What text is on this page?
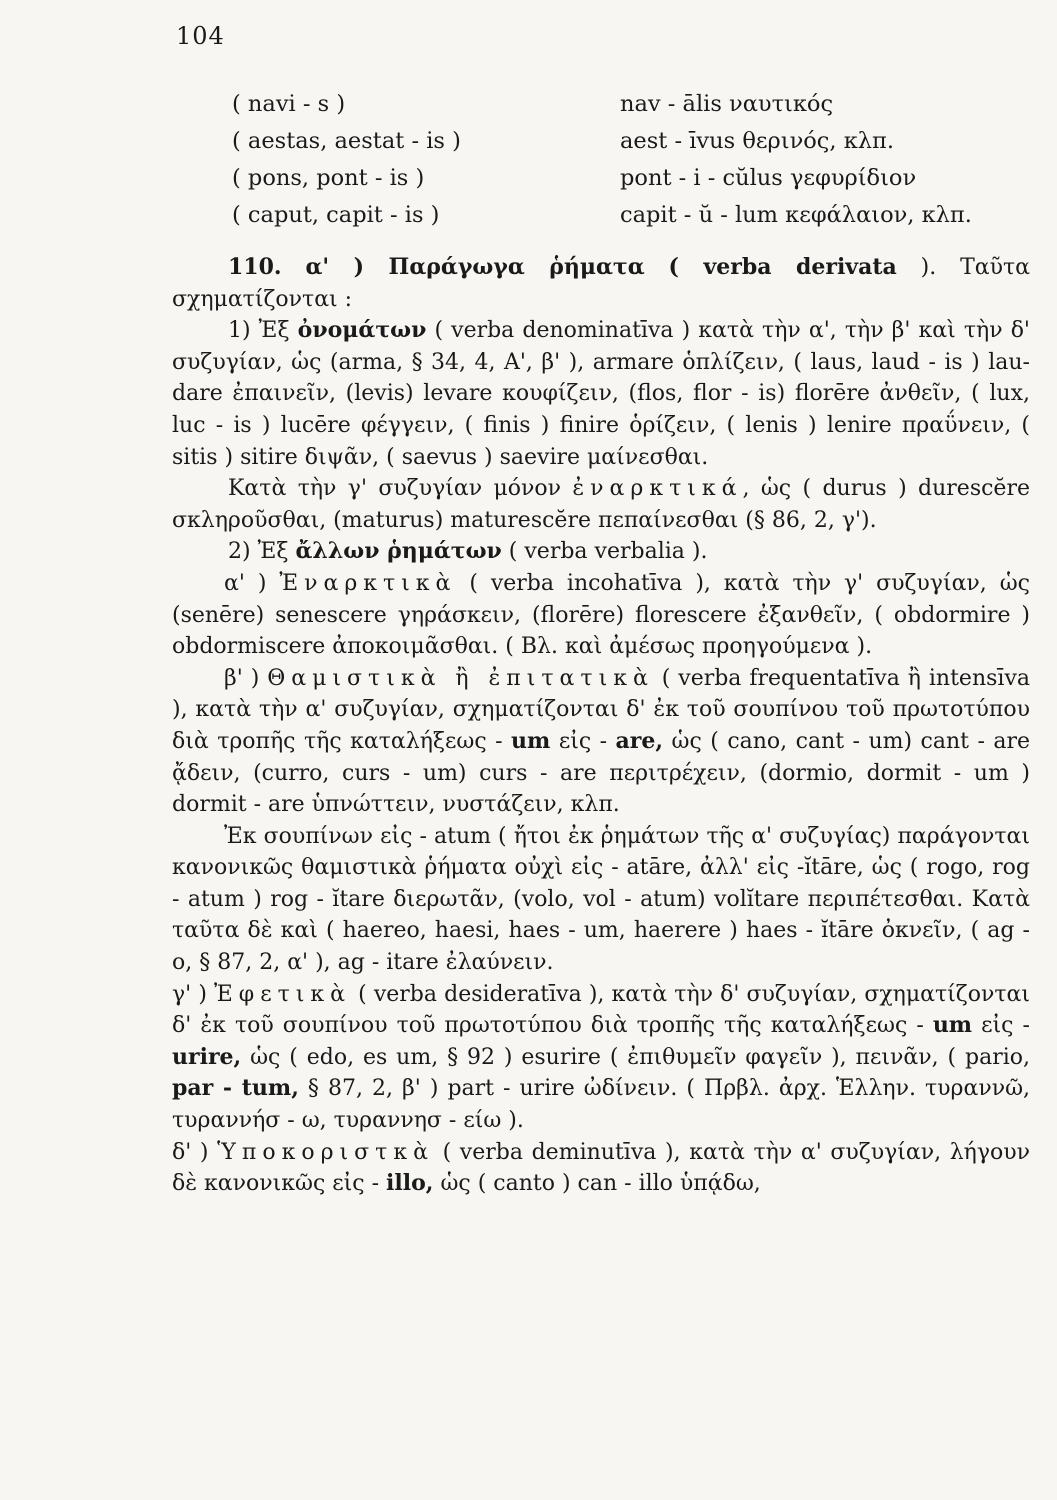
104
( navi - s )	nav - ālis ναυτικός
( aestas, aestat - is )	aest - īvus θερινός, κλπ.
( pons, pont - is )	pont - i - cŭlus γεφυρίδιον
( caput, capit - is )	capit - ŭ - lum κεφάλαιον, κλπ.

110. α' ) Παράγωγα ῥήματα ( verba derivata ). Ταῦτα σχηματίζονται :

1) Ἐξ ὀνομάτων ( verba denominatīva ) κατὰ τὴν α', τὴν β' καὶ τὴν δ' συζυγίαν, ὡς (arma, § 34, 4, A', β' ), armare ὁπλίζειν, ( laus, laud - is ) lau-dare ἐπαινεῖν, (levis) levare κουφίζειν, (flos, flor - is) florēre ἀνθεῖν, ( lux, luc - is ) lucēre φέγγειν, ( finis ) finire ὁρίζειν, ( lenis ) lenire πραΰνειν, ( sitis ) sitire διψᾶν, ( saevus ) saevire μαίνεσθαι.

Κατὰ τὴν γ' συζυγίαν μόνον ἐναρκτικά, ὡς ( durus ) durescĕre σκληροῦσθαι, (maturus) maturescĕre πεπαίνεσθαι (§ 86, 2, γ').

2) Ἐξ ἄλλων ῥημάτων ( verba verbalia ).

α' ) Ἐναρκτικὰ ( verba incohatīva ), κατὰ τὴν γ' συζυγίαν, ὡς (senēre) senescere γηράσκειν, (florēre) florescere ἐξανθεῖν, ( obdormire ) obdormiscere ἀποκοιμᾶσθαι. ( Βλ. καὶ ἀμέσως προηγούμενα ).

β' ) Θαμιστικὰ ἢ ἐπιτατικὰ ( verba frequentatīva ἢ intensīva ), κατὰ τὴν α' συζυγίαν, σχηματίζονται δ' ἐκ τοῦ σουπίνου τοῦ πρωτοτύπου διὰ τροπῆς τῆς καταλήξεως - um εἰς - are, ὡς ( cano, cant - um) cant - are ᾄδειν, (curro, curs - um) curs - are περιτρέχειν, (dormio, dormit - um ) dormit - are ὑπνώττειν, νυστάζειν, κλπ.

Ἐκ σουπίνων εἰς - atum ( ἤτοι ἐκ ῥημάτων τῆς α' συζυγίας) παράγονται κανονικῶς θαμιστικὰ ῥήματα οὐχὶ εἰς - atāre, ἀλλ' εἰς -ĭtāre, ὡς ( rogo, rog - atum ) rog - ĭtare διερωτᾶν, (volo, vol - atum) volĭtare περιπέτεσθαι. Κατὰ ταῦτα δὲ καὶ ( haereo, haesi, haes - um, haerere ) haes - ĭtāre ὀκνεῖν, ( ag - o, § 87, 2, α' ), ag - itare ἐλαύνειν.

γ' ) Ἐφετικὰ ( verba desideratīva ), κατὰ τὴν δ' συζυγίαν, σχηματίζονται δ' ἐκ τοῦ σουπίνου τοῦ πρωτοτύπου διὰ τροπῆς τῆς καταλήξεως - um εἰς - urire, ὡς ( edo, es um, § 92 ) esurire ( ἐπιθυμεῖν φαγεῖν ), πεινᾶν, ( pario, par - tum, § 87, 2, β' ) part - urire ὠδίνειν. ( Πρβλ. ἀρχ. Ἑλλην. τυραννῶ, τυραννήσ - ω, τυραννησ - είω ).

δ' ) Ὑποκοριστκὰ ( verba deminutīva ), κατὰ τὴν α' συζυγίαν, λήγουν δὲ κανονικῶς εἰς - illo, ὡς ( canto ) can - illo ὑπᾴδω,
